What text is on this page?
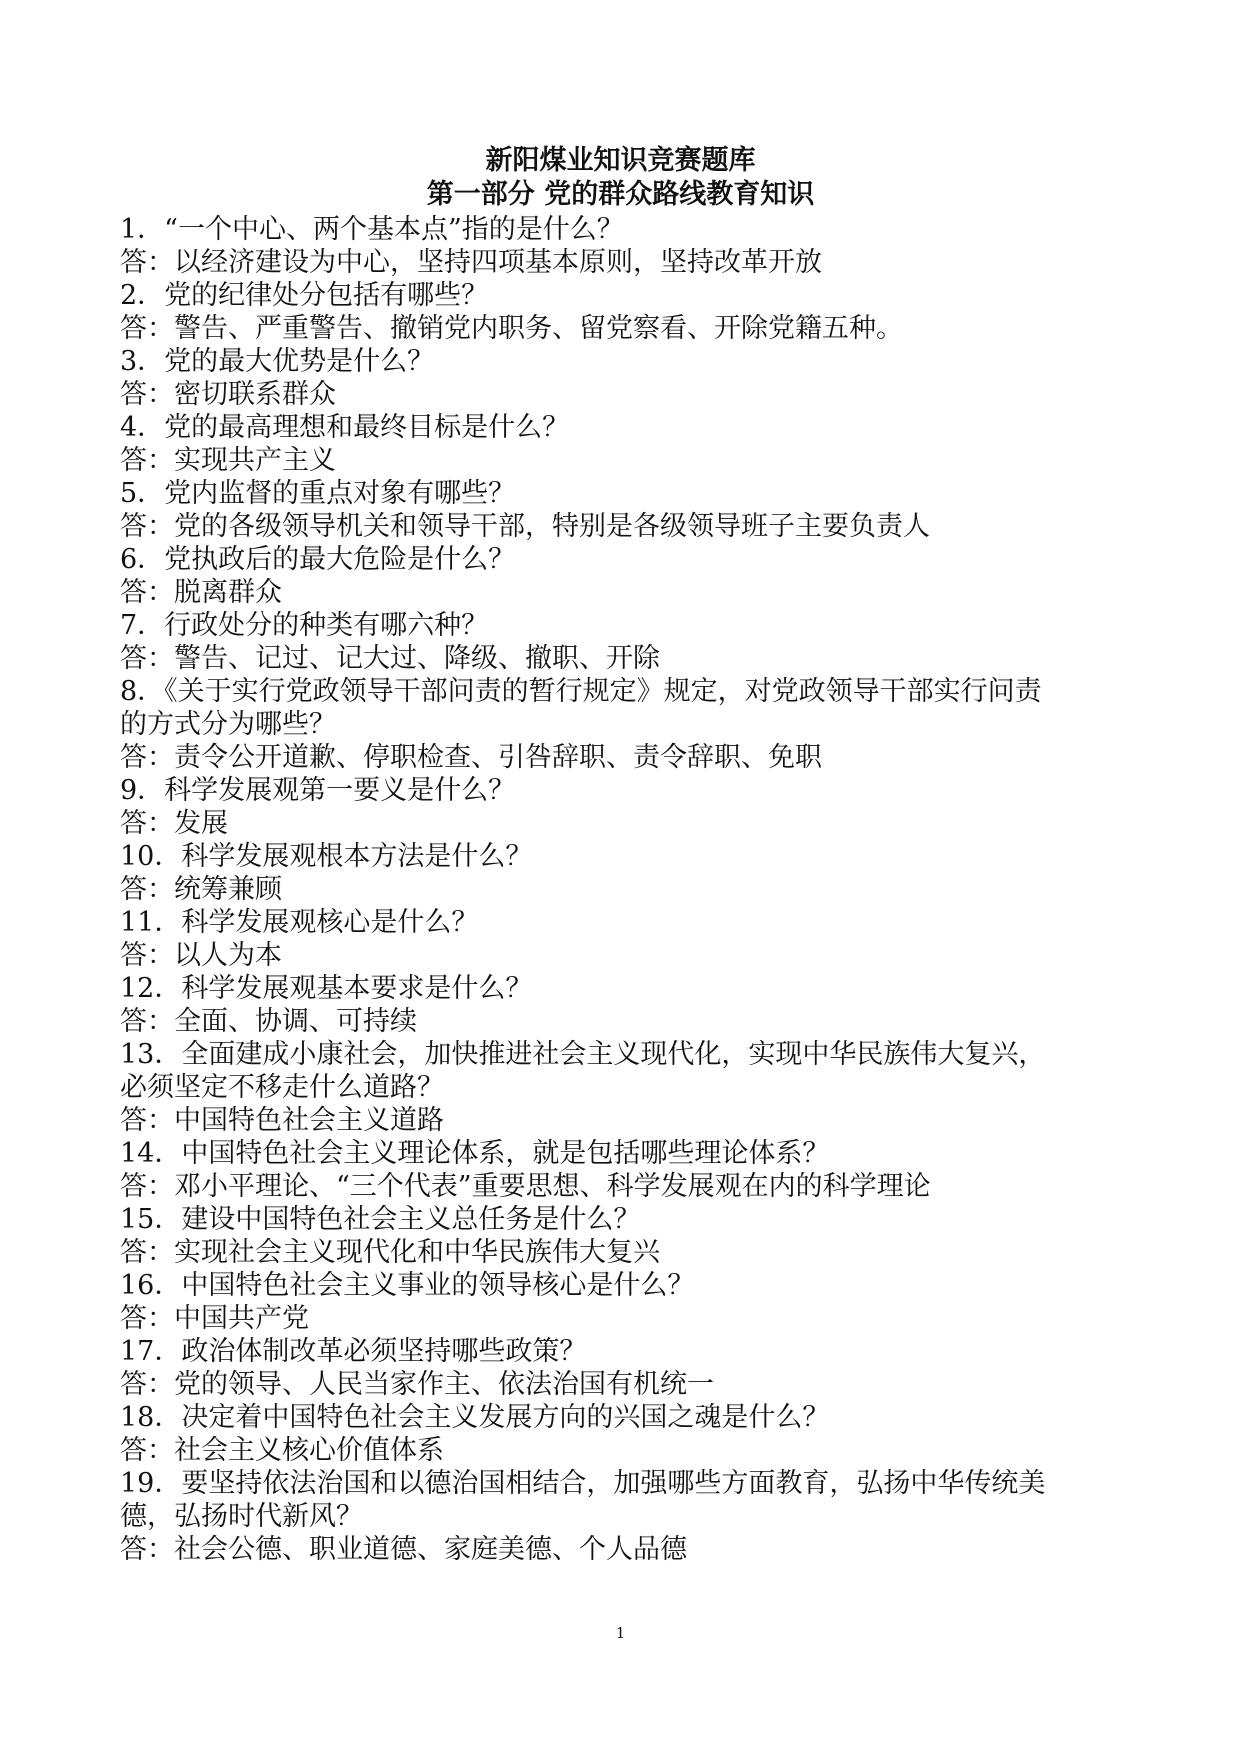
新阳煤业知识竞赛题库
第一部分 党的群众路线教育知识
1．“一个中心、两个基本点”指的是什么？
答：以经济建设为中心，坚持四项基本原则，坚持改革开放
2．党的纪律处分包括有哪些？
答：警告、严重警告、撤销党内职务、留党察看、开除党籍五种。
3．党的最大优势是什么？
答：密切联系群众
4．党的最高理想和最终目标是什么？
答：实现共产主义
5．党内监督的重点对象有哪些？
答：党的各级领导机关和领导干部，特别是各级领导班子主要负责人
6．党执政后的最大危险是什么？
答：脱离群众
7．行政处分的种类有哪六种？
答：警告、记过、记大过、降级、撤职、开除
8．《关于实行党政领导干部问责的暂行规定》规定，对党政领导干部实行问责
的方式分为哪些？
答：责令公开道歉、停职检查、引咎辞职、责令辞职、免职
9．科学发展观第一要义是什么？
答：发展
10．科学发展观根本方法是什么？
答：统筹兼顾
11．科学发展观核心是什么？
答：以人为本
12．科学发展观基本要求是什么？
答：全面、协调、可持续
13．全面建成小康社会，加快推进社会主义现代化，实现中华民族伟大复兴，
必须坚定不移走什么道路？
答：中国特色社会主义道路
14．中国特色社会主义理论体系，就是包括哪些理论体系？
答：邓小平理论、“三个代表”重要思想、科学发展观在内的科学理论
15．建设中国特色社会主义总任务是什么？
答：实现社会主义现代化和中华民族伟大复兴
16．中国特色社会主义事业的领导核心是什么？
答：中国共产党
17．政治体制改革必须坚持哪些政策？
答：党的领导、人民当家作主、依法治国有机统一
18．决定着中国特色社会主义发展方向的兴国之魂是什么？
答：社会主义核心价值体系
19．要坚持依法治国和以德治国相结合，加强哪些方面教育，弘扬中华传统美
德，弘扬时代新风？
答：社会公德、职业道德、家庭美德、个人品德
1
